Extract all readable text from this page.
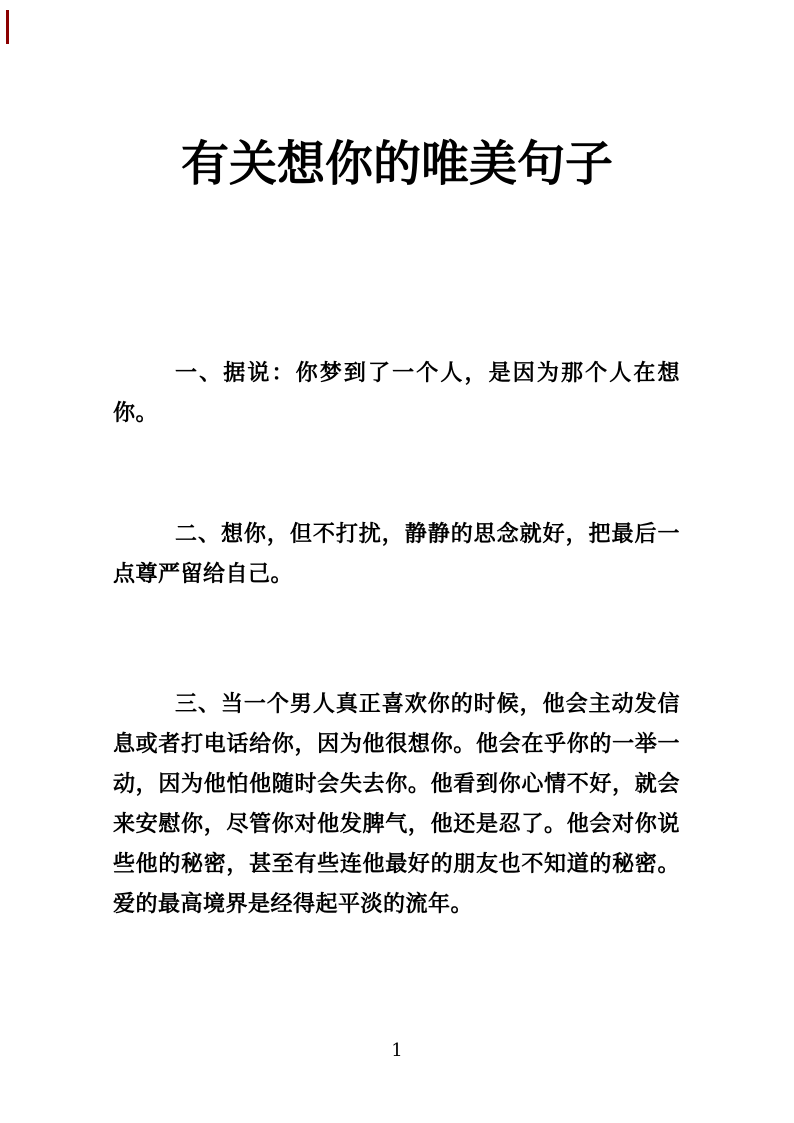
有关想你的唯美句子

一、据说：你梦到了一个人，是因为那个人在想你。

二、想你，但不打扰，静静的思念就好，把最后一点尊严留给自己。

三、当一个男人真正喜欢你的时候，他会主动发信息或者打电话给你，因为他很想你。他会在乎你的一举一动，因为他怕他随时会失去你。他看到你心情不好，就会来安慰你，尽管你对他发脾气，他还是忍了。他会对你说些他的秘密，甚至有些连他最好的朋友也不知道的秘密。爱的最高境界是经得起平淡的流年。

1
